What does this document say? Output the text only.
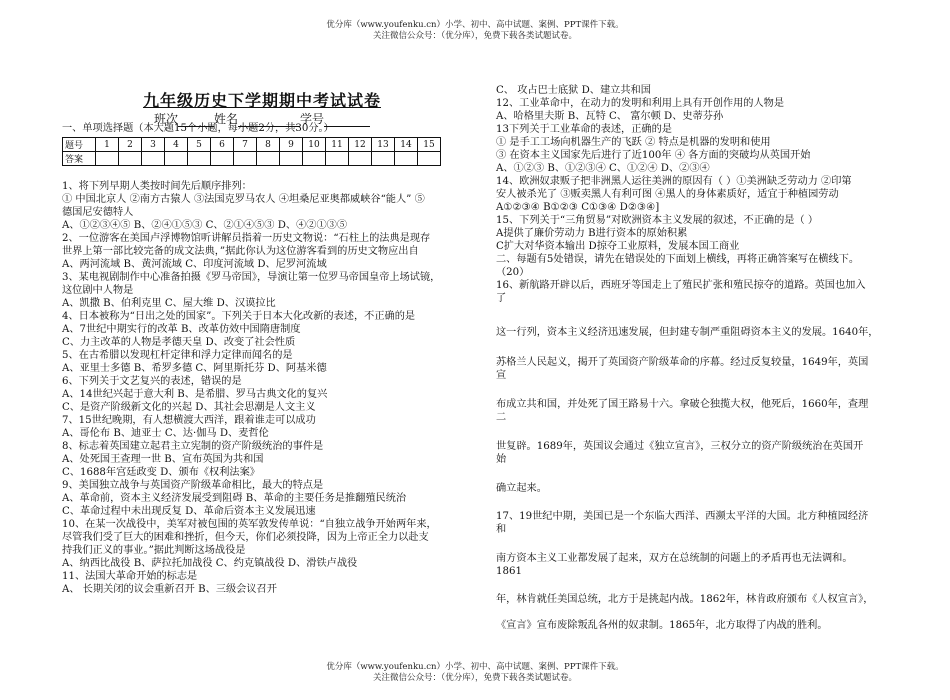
优分库（www.youfenku.cn）小学、初中、高中试题、案例、PPT课件下载。
关注微信公众号：（优分库），免费下载各类试题试卷。
九年级历史下学期期中考试试卷
班次	姓名	学号
一、单项选择题（本大题15个小题，每小题2分，共30分。）
题号	1	2	3	4	5	6	7	8	9	10	11	12	13	14	15
答案															
1、将下列早期人类按时间先后顺序排列：
① 中国北京人 ②南方古猿人 ③法国克罗马农人 ④坦桑尼亚奥都威峡谷“能人” ⑤
德国尼安德特人
A、①②③④⑤ B、②④①⑤③ C、②①④⑤③ D、④②①③⑤
2、一位游客在美国卢浮博物馆听讲解员指着一历史文物说：“石柱上的法典是现存
世界上第一部比较完备的成文法典，”据此你认为这位游客看到的历史文物应出自
A、两河流域 B、黄河流域 C、印度河流域 D、尼罗河流域
3、某电视剧制作中心准备拍摄《罗马帝国》，导演让第一位罗马帝国皇帝上场试镜，
这位剧中人物是
A、凯撒 B、伯利克里 C、屋大维 D、汉谟拉比
4、日本被称为“日出之处的国家”。下列关于日本大化改新的表述，不正确的是
A、7世纪中期实行的改革 B、改革仿效中国隋唐制度
C、力主改革的人物是孝德天皇 D、改变了社会性质
5、在古希腊以发现杠杆定律和浮力定律而闻名的是
A、亚里士多德 B、希罗多德 C、阿里斯托芬 D、阿基米德
6、下列关于文艺复兴的表述，错误的是
A、14世纪兴起于意大利 B、是希腊、罗马古典文化的复兴
C、是资产阶级新文化的兴起 D、其社会思潮是人文主义
7、15世纪晚期，有人想横渡大西洋，跟着谁走可以成功
A、哥伦布 B、迪亚士 C、达·伽马 D、麦哲伦
8、标志着英国建立起君主立宪制的资产阶级统治的事件是
A、处死国王查理一世 B、宣布英国为共和国
C、1688年宫廷政变 D、颁布《权利法案》
9、美国独立战争与英国资产阶级革命相比，最大的特点是
A、革命前，资本主义经济发展受到阻碍 B、革命的主要任务是推翻殖民统治
C、革命过程中未出现反复 D、革命后资本主义发展迅速
10、在某一次战役中，美军对被包围的英军敦发传单说：“自独立战争开始两年来，
尽管我们受了巨大的困难和挫折，但今天，你们必须投降，因为上帝正全力以赴支
持我们正义的事业。”据此判断这场战役是
A、纳西比战役 B、萨拉托加战役 C、约克镇战役 D、滑铁卢战役
11、法国大革命开始的标志是
A、 长期关闭的议会重新召开 B、三级会议召开
C、 攻占巴士底狱 D、建立共和国
12、工业革命中，在动力的发明和利用上具有开创作用的人物是
A、哈格里夫斯 B、瓦特 C、 富尔顿 D、史蒂芬孙
13下列关于工业革命的表述，正确的是
① 是手工工场向机器生产的飞跃 ② 特点是机器的发明和使用
③ 在资本主义国家先后进行了近100年 ④ 各方面的突破均从英国开始
A、①②③ B、①②③④ C、①②④ D、②③④
14、欧洲奴隶贩子把非洲黑人运往美洲的原因有（ ）①美洲缺乏劳动力 ②印第
安人被杀光了 ③贩卖黑人有利可图 ④黑人的身体素质好，适宜于种植园劳动
A①②③④ B①②③ C①③④ D②③④]
15、下列关于“三角贸易”对欧洲资本主义发展的叙述，不正确的是（ ）
A提供了廉价劳动力 B进行资本的原始积累
C扩大对华资本输出 D掠夺工业原料，发展本国工商业
二、每题有5处错误，请先在错误处的下面划上横线，再将正确答案写在横线下。
（20）
16、新航路开辟以后，西班牙等国走上了殖民扩张和殖民掠夺的道路。英国也加入
了
这一行列，资本主义经济迅速发展，但封建专制严重阻碍资本主义的发展。1640年，
苏格兰人民起义，揭开了英国资产阶级革命的序幕。经过反复较量，1649年，英国
宣
布成立共和国，并处死了国王路易十六。拿破仑独揽大权，他死后，1660年，查理
二
世复辟。1689年，英国议会通过《独立宣言》，三权分立的资产阶级统治在英国开
始
确立起来。
17、19世纪中期，美国已是一个东临大西洋、西濒太平洋的大国。北方种植园经济
和
南方资本主义工业都发展了起来，双方在总统制的问题上的矛盾再也无法调和。
1861
年，林肯就任美国总统，北方于是挑起内战。1862年，林肯政府颁布《人权宣言》，
《宣言》宣布废除叛乱各州的奴隶制。1865年，北方取得了内战的胜利。
优分库（www.youfenku.cn）小学、初中、高中试题、案例、PPT课件下载。
关注微信公众号：（优分库），免费下载各类试题试卷。
